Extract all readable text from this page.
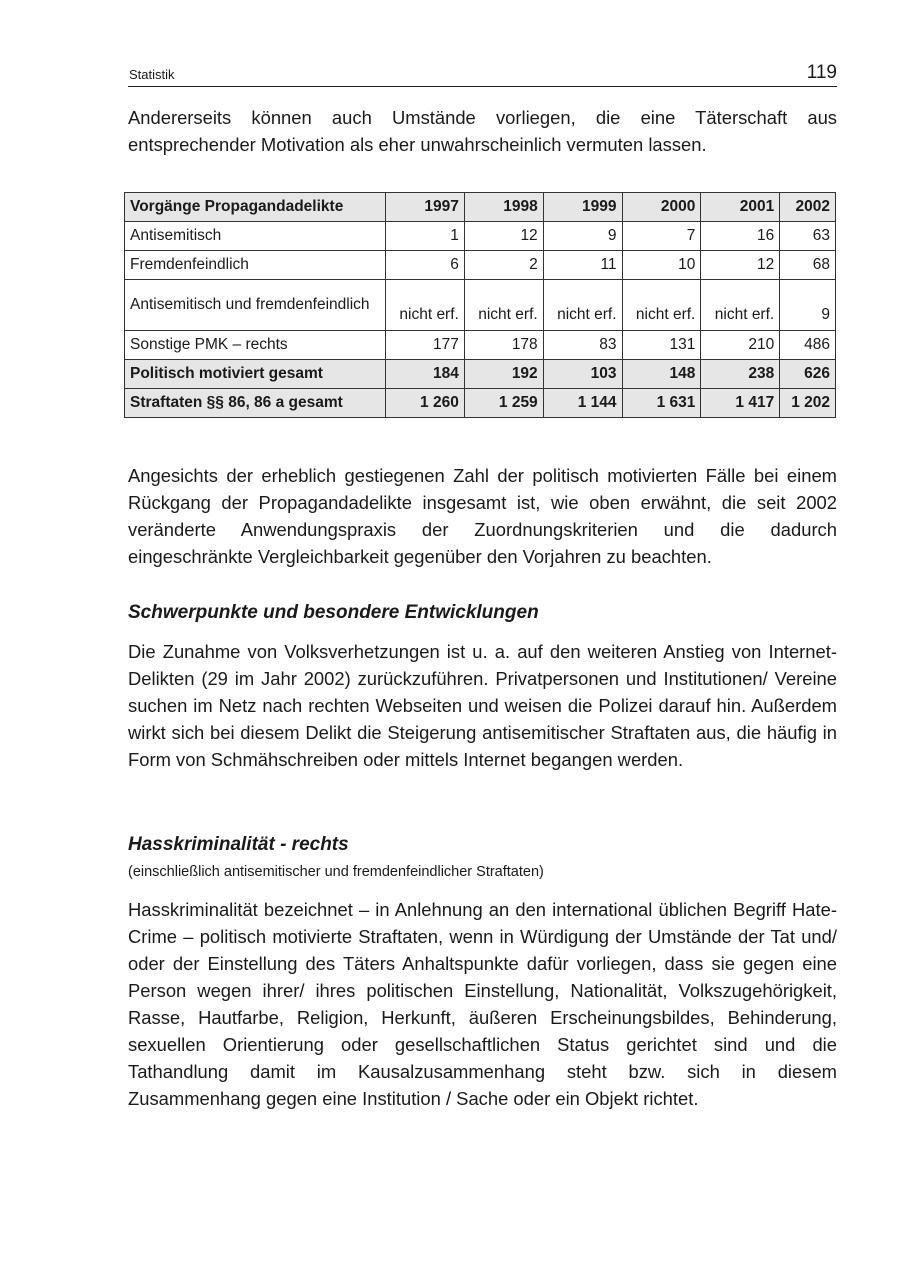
Statistik	119

Andererseits können auch Umstände vorliegen, die eine Täterschaft aus entsprechender Motivation als eher unwahrscheinlich vermuten lassen.

Vorgänge Propagandadelikte	1997	1998	1999	2000	2001	2002
Antisemitisch	1	12	9	7	16	63
Fremdenfeindlich	6	2	11	10	12	68
Antisemitisch und fremdenfeindlich	nicht erf.	nicht erf.	nicht erf.	nicht erf.	nicht erf.	9
Sonstige PMK – rechts	177	178	83	131	210	486
Politisch motiviert gesamt	184	192	103	148	238	626
Straftaten §§ 86, 86 a gesamt	1 260	1 259	1 144	1 631	1 417	1 202

Angesichts der erheblich gestiegenen Zahl der politisch motivierten Fälle bei einem Rückgang der Propagandadelikte insgesamt ist, wie oben erwähnt, die seit 2002 veränderte Anwendungspraxis der Zuordnungskriterien und die dadurch eingeschränkte Vergleichbarkeit gegenüber den Vorjahren zu beachten.

Schwerpunkte und besondere Entwicklungen

Die Zunahme von Volksverhetzungen ist u. a. auf den weiteren Anstieg von Internet-Delikten (29 im Jahr 2002) zurückzuführen. Privatpersonen und Institutionen/ Vereine suchen im Netz nach rechten Webseiten und weisen die Polizei darauf hin. Außerdem wirkt sich bei diesem Delikt die Steigerung antisemitischer Straftaten aus, die häufig in Form von Schmähschreiben oder mittels Internet begangen werden.

Hasskriminalität - rechts

(einschließlich antisemitischer und fremdenfeindlicher Straftaten)

Hasskriminalität bezeichnet – in Anlehnung an den international üblichen Begriff Hate-Crime – politisch motivierte Straftaten, wenn in Würdigung der Umstände der Tat und/ oder der Einstellung des Täters Anhaltspunkte dafür vorliegen, dass sie gegen eine Person wegen ihrer/ ihres politischen Einstellung, Nationalität, Volkszugehörigkeit, Rasse, Hautfarbe, Religion, Herkunft, äußeren Erscheinungsbildes, Behinderung, sexuellen Orientierung oder gesellschaftlichen Status gerichtet sind und die Tathandlung damit im Kausalzusammenhang steht bzw. sich in diesem Zusammenhang gegen eine Institution / Sache oder ein Objekt richtet.
